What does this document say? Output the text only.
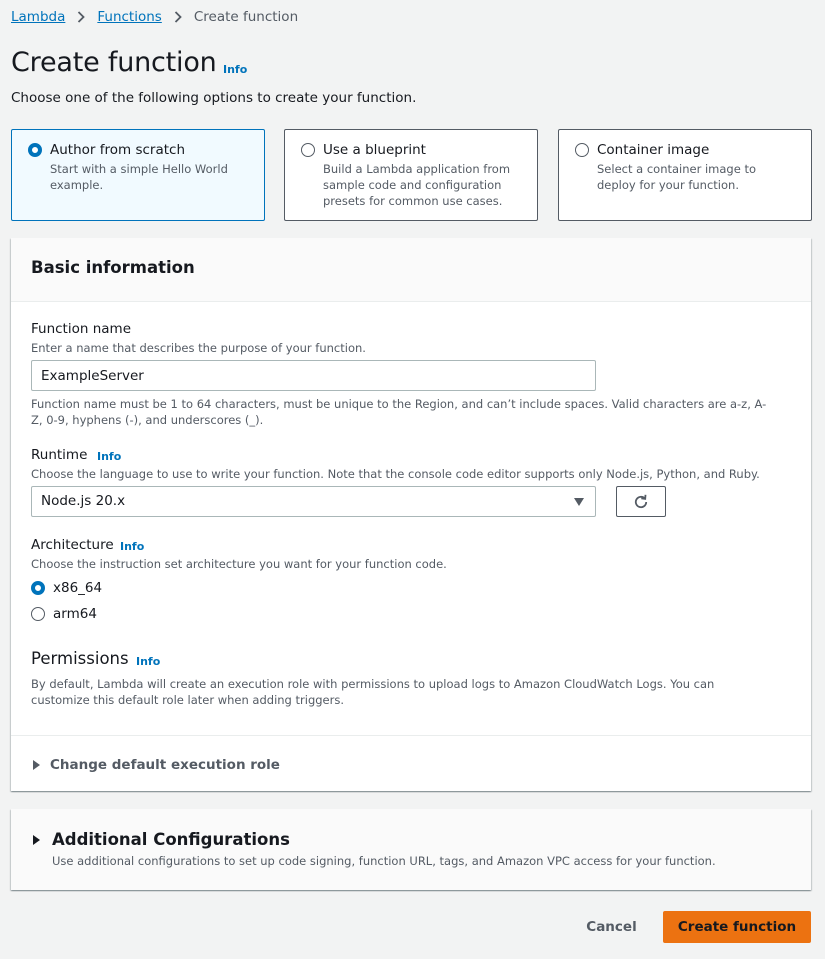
Lambda Functions Create function
Create function Info

Choose one of the following options to create your function.

Author from scratch
Start with a simple Hello World example.
Use a blueprint
Build a Lambda application from sample code and configuration presets for common use cases.
Container image
Select a container image to deploy for your function.
Basic information
Function name
Enter a name that describes the purpose of your function.
ExampleServer
Function name must be 1 to 64 characters, must be unique to the Region, and can’t include spaces. Valid characters are a-z, A-Z, 0-9, hyphens (-), and underscores (_).
Runtime Info
Choose the language to use to write your function. Note that the console code editor supports only Node.js, Python, and Ruby.
Node.js 20.x
Architecture Info
Choose the instruction set architecture you want for your function code.
x86_64
arm64
Permissions Info
By default, Lambda will create an execution role with permissions to upload logs to Amazon CloudWatch Logs. You can customize this default role later when adding triggers.
Change default execution role
Additional Configurations
Use additional configurations to set up code signing, function URL, tags, and Amazon VPC access for your function.
Cancel	Create function
